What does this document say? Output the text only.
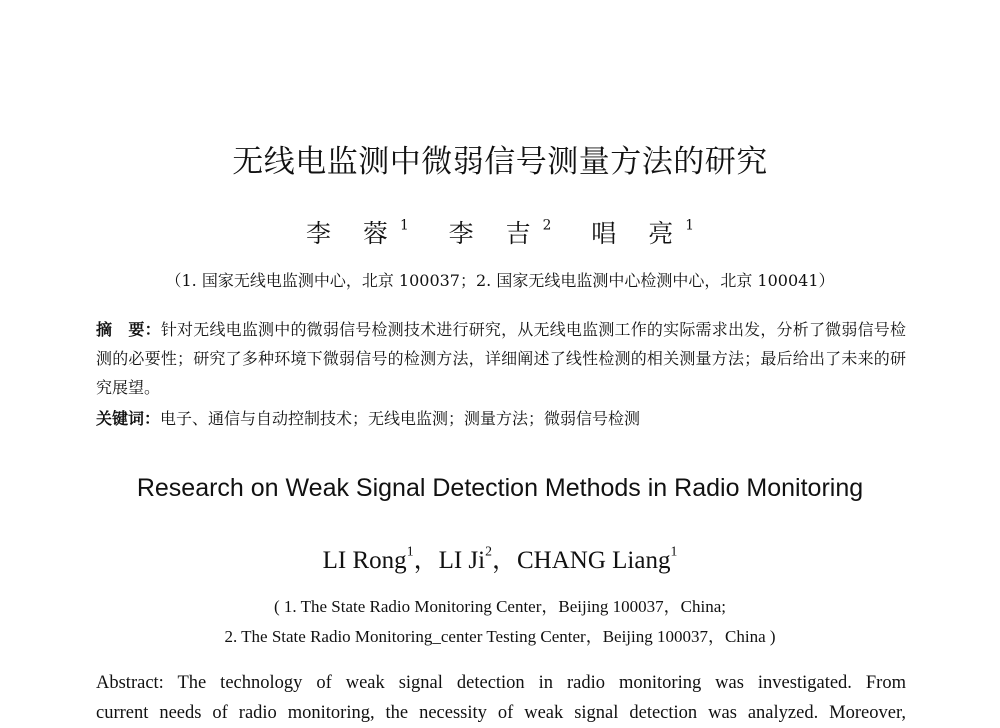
无线电监测中微弱信号测量方法的研究
李 蓉$^1$ 李 吉$^2$ 唱 亮$^1$
（1. 国家无线电监测中心，北京 100037；2. 国家无线电监测中心检测中心，北京 100041）
摘　要：针对无线电监测中的微弱信号检测技术进行研究，从无线电监测工作的实际需求出发，分析了微弱信号检测的必要性；研究了多种环境下微弱信号的检测方法，详细阐述了线性检测的相关测量方法；最后给出了未来的研究展望。
关键词：电子、通信与自动控制技术；无线电监测；测量方法；微弱信号检测
Research on Weak Signal Detection Methods in Radio Monitoring
LI Rong$^1$，LI Ji$^2$，CHANG Liang$^1$
( 1. The State Radio Monitoring Center，Beijing 100037，China;
2. The State Radio Monitoring_center Testing Center，Beijing 100037，China )
Abstract: The technology of weak signal detection in radio monitoring was investigated. From
current needs of radio monitoring, the necessity of weak signal detection was analyzed. Moreover,
